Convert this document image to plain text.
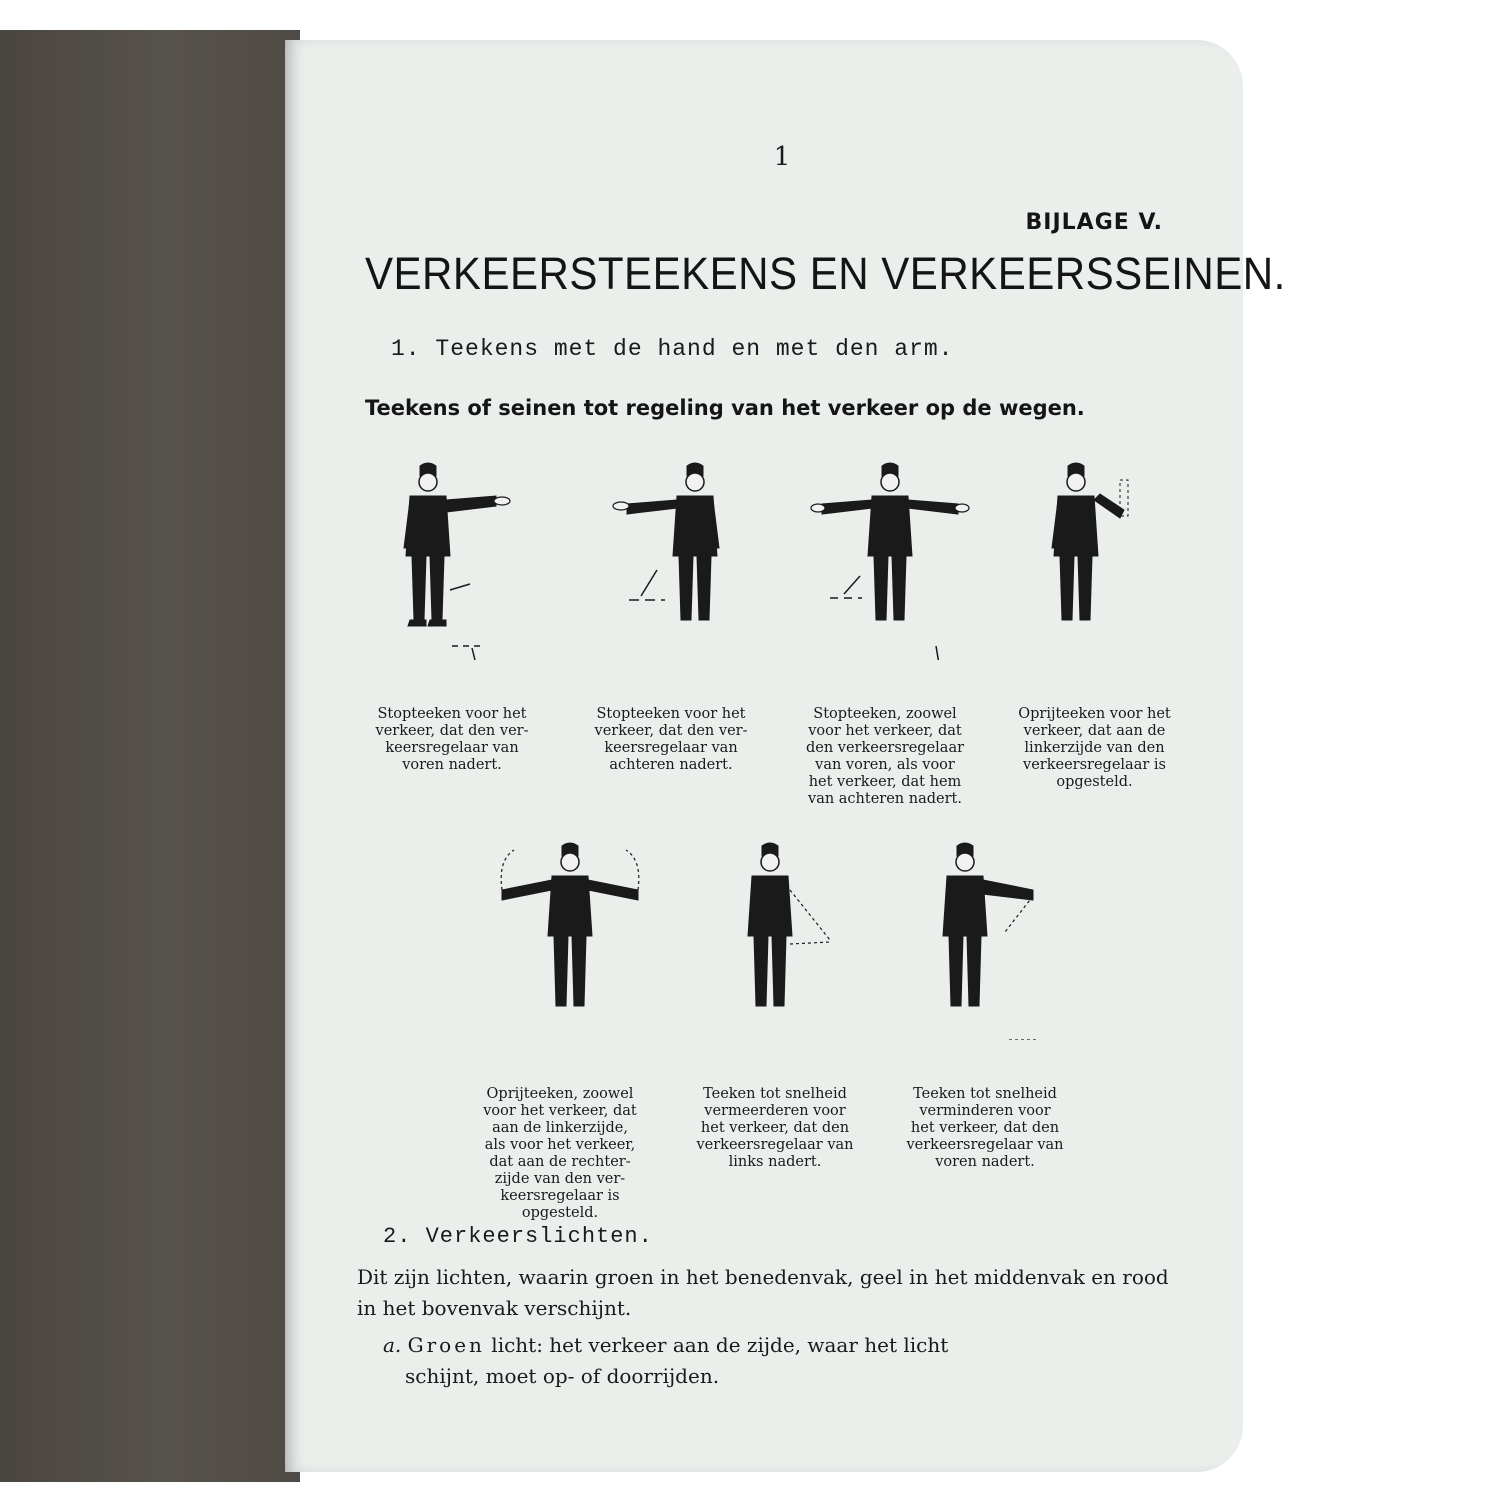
1
BIJLAGE V.
VERKEERSTEEKENS EN VERKEERSSEINEN.
1. Teekens met de hand en met den arm.
Teekens of seinen tot regeling van het verkeer op de wegen.
Stopteeken voor het
verkeer, dat den ver-
keersregelaar van
voren nadert.
Stopteeken voor het
verkeer, dat den ver-
keersregelaar van
achteren nadert.
Stopteeken, zoowel
voor het verkeer, dat
den verkeersregelaar
van voren, als voor
het verkeer, dat hem
van achteren nadert.
Oprijteeken voor het
verkeer, dat aan de
linkerzijde van den
verkeersregelaar is
opgesteld.
Oprijteeken, zoowel
voor het verkeer, dat
aan de linkerzijde,
als voor het verkeer,
dat aan de rechter-
zijde van den ver-
keersregelaar is
opgesteld.
Teeken tot snelheid
vermeerderen voor
het verkeer, dat den
verkeersregelaar van
links nadert.
Teeken tot snelheid
verminderen voor
het verkeer, dat den
verkeersregelaar van
voren nadert.
2. Verkeerslichten.
Dit zijn lichten, waarin groen in het benedenvak, geel in het middenvak en rood in het bovenvak verschijnt.
a. Groen licht: het verkeer aan de zijde, waar het licht
schijnt, moet op- of doorrijden.
